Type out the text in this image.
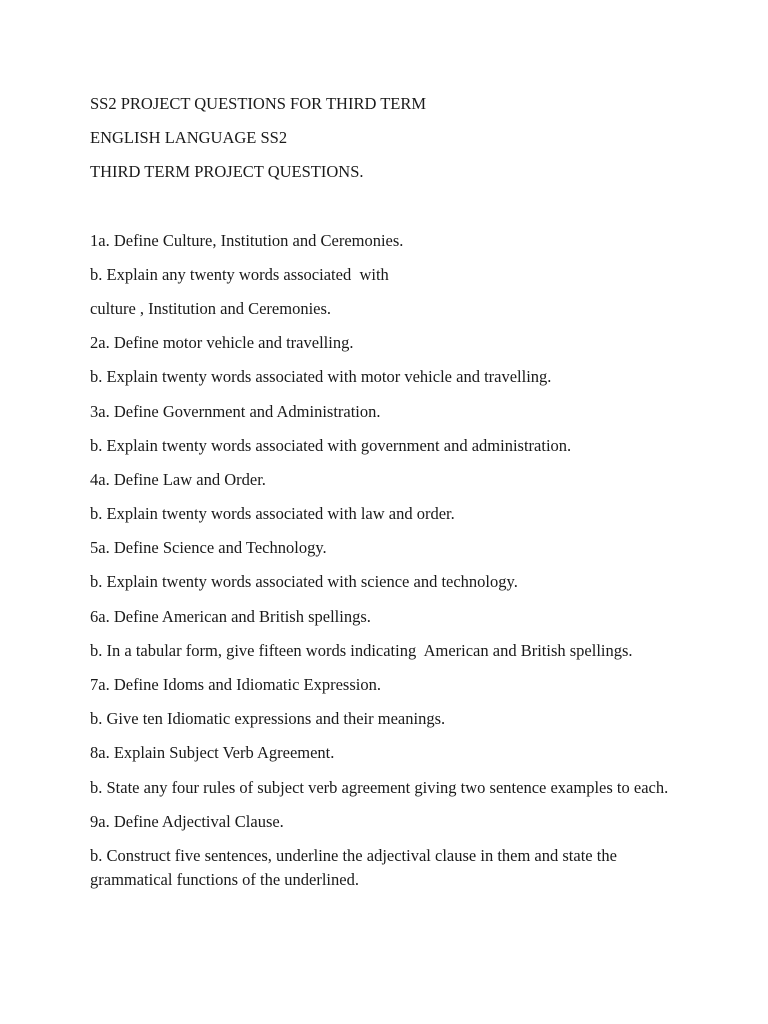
SS2 PROJECT QUESTIONS FOR THIRD TERM
ENGLISH LANGUAGE SS2
THIRD TERM PROJECT QUESTIONS.
1a. Define Culture, Institution and Ceremonies.
b. Explain any twenty words associated  with
culture , Institution and Ceremonies.
2a. Define motor vehicle and travelling.
b. Explain twenty words associated with motor vehicle and travelling.
3a. Define Government and Administration.
b. Explain twenty words associated with government and administration.
4a. Define Law and Order.
b. Explain twenty words associated with law and order.
5a. Define Science and Technology.
b. Explain twenty words associated with science and technology.
6a. Define American and British spellings.
b. In a tabular form, give fifteen words indicating  American and British spellings.
7a. Define Idoms and Idiomatic Expression.
b. Give ten Idiomatic expressions and their meanings.
8a. Explain Subject Verb Agreement.
b. State any four rules of subject verb agreement giving two sentence examples to each.
9a. Define Adjectival Clause.
b. Construct five sentences, underline the adjectival clause in them and state the grammatical functions of the underlined.
